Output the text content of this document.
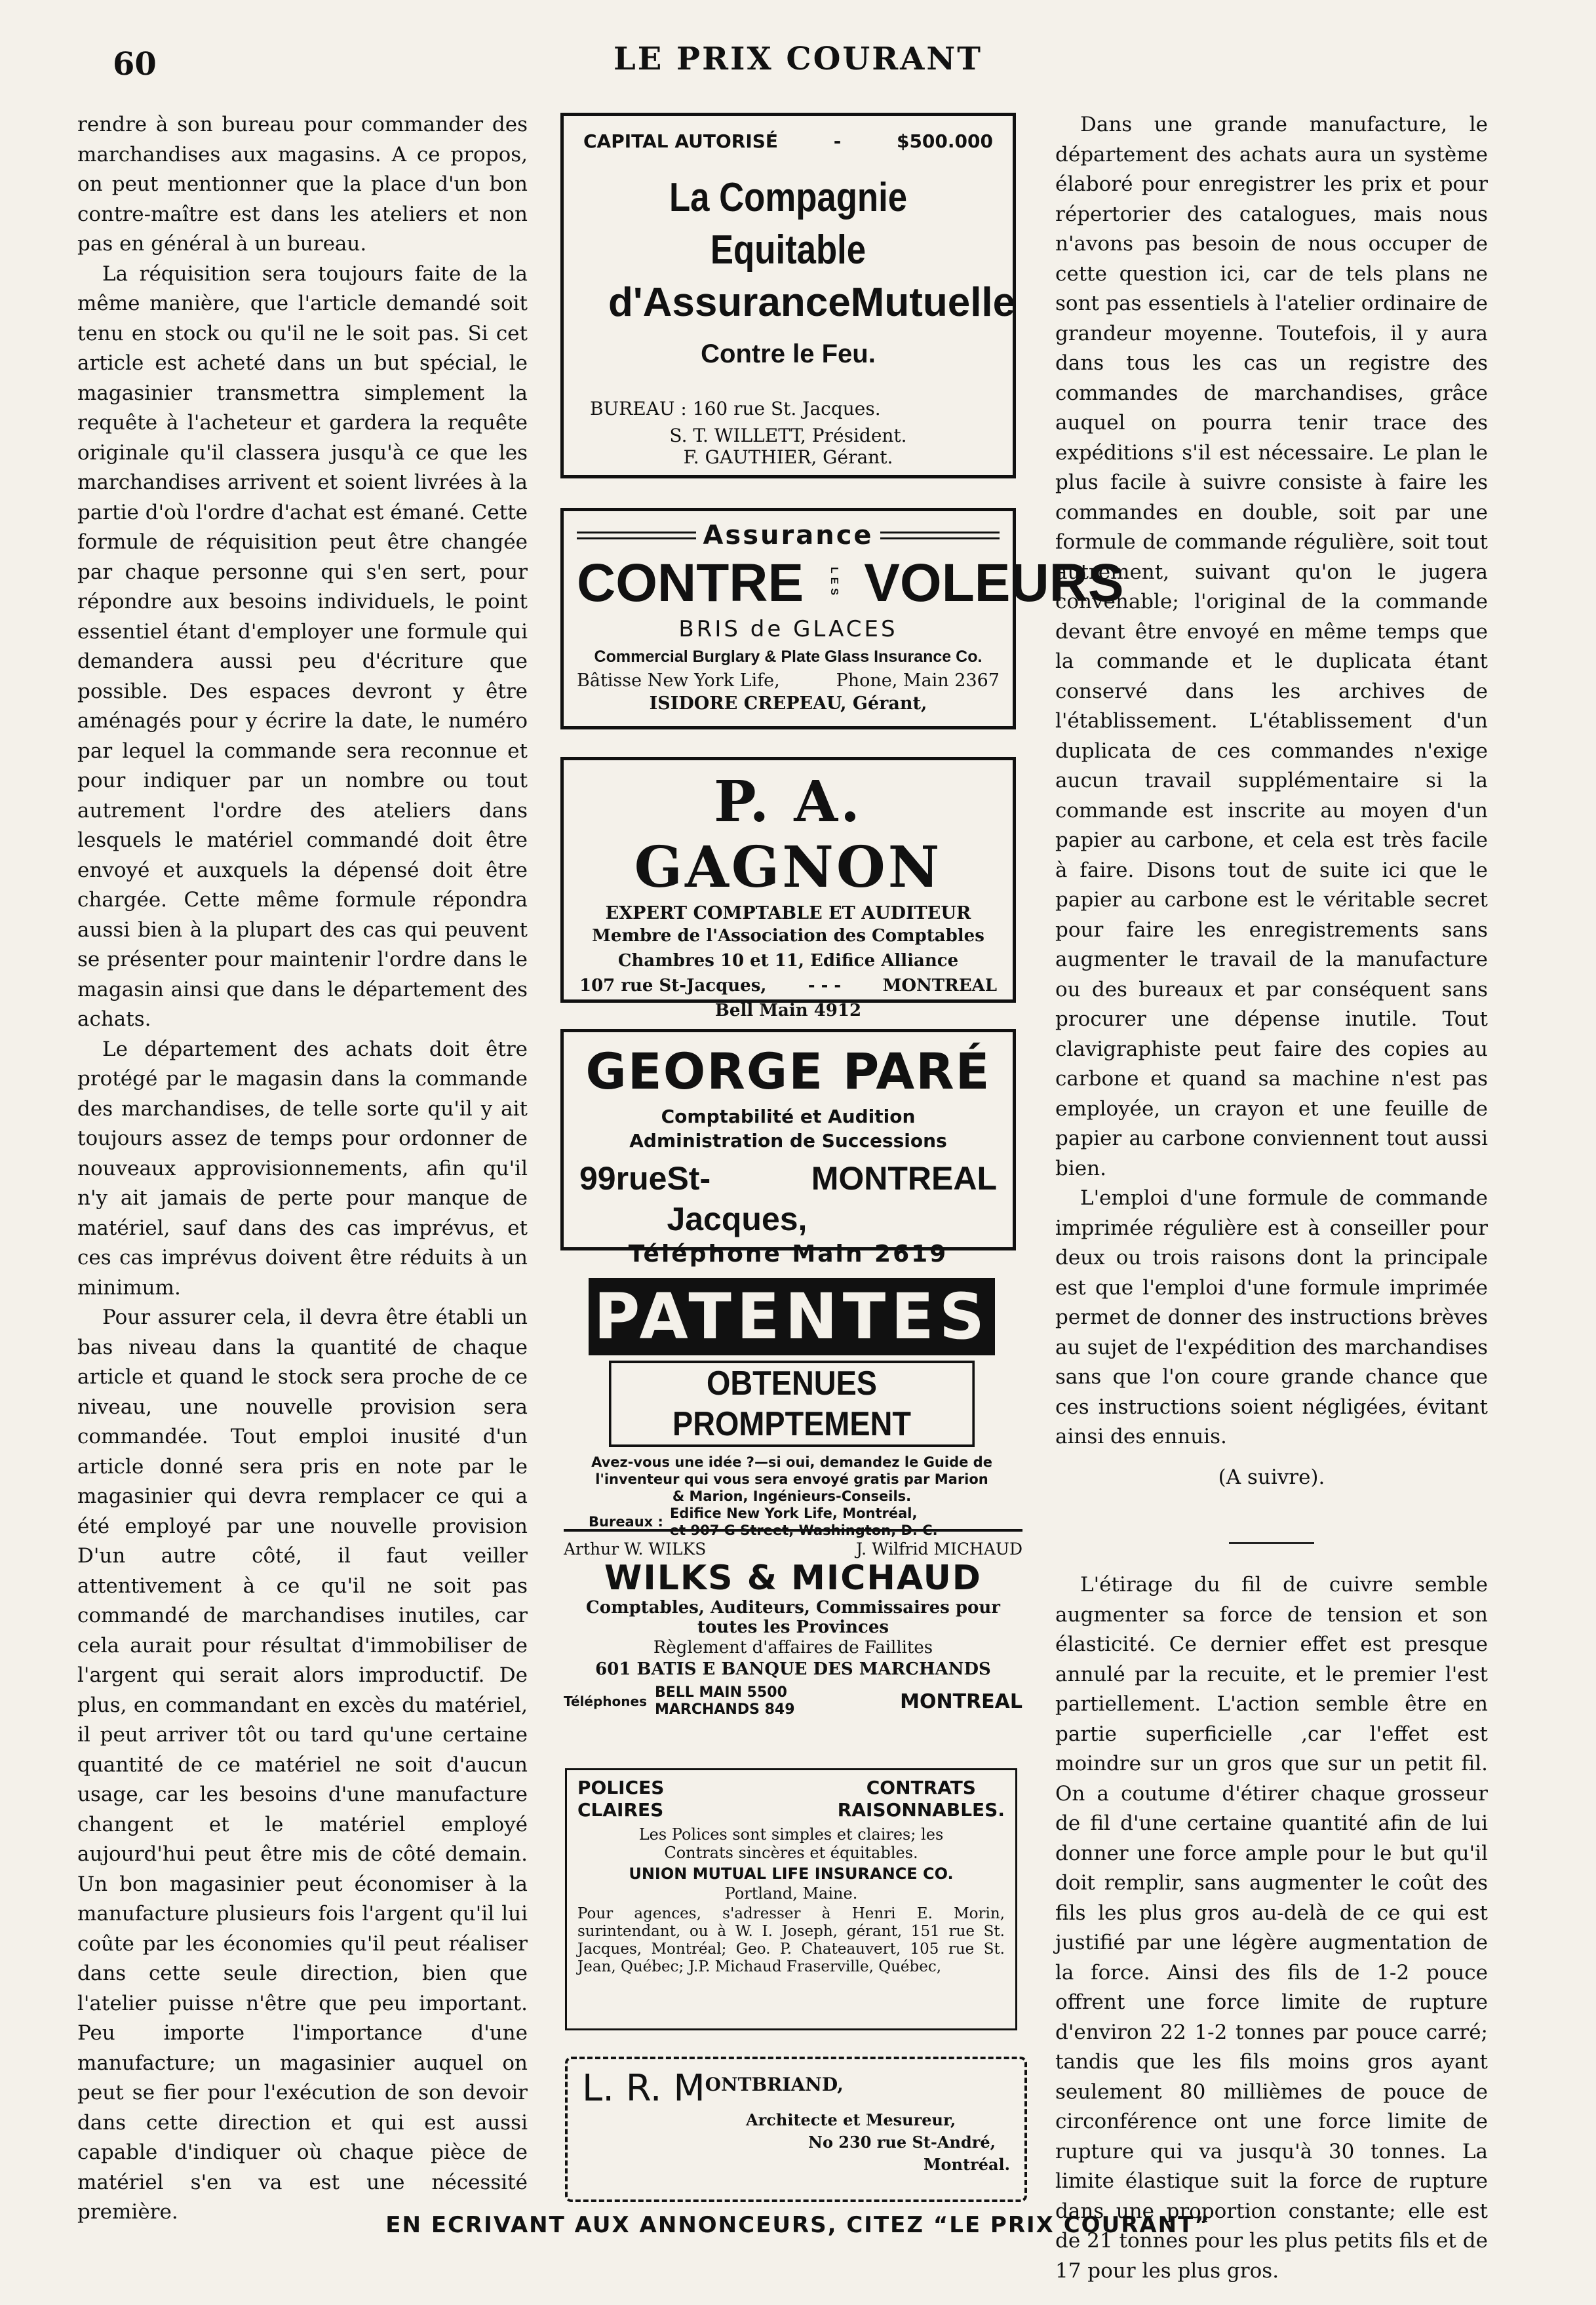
60	LE PRIX COURANT

rendre à son bureau pour commander des marchandises aux magasins. A ce propos, on peut mentionner que la place d'un bon contre-maître est dans les ateliers et non pas en général à un bureau.

La réquisition sera toujours faite de la même manière, que l'article demandé soit tenu en stock ou qu'il ne le soit pas. Si cet article est acheté dans un but spécial, le magasinier transmettra simplement la requête à l'acheteur et gardera la requête originale qu'il classera jusqu'à ce que les marchandises arrivent et soient livrées à la partie d'où l'ordre d'achat est émané. Cette formule de réquisition peut être changée par chaque personne qui s'en sert, pour répondre aux besoins individuels, le point essentiel étant d'employer une formule qui demandera aussi peu d'écriture que possible. Des espaces devront y être aménagés pour y écrire la date, le numéro par lequel la commande sera reconnue et pour indiquer par un nombre ou tout autrement l'ordre des ateliers dans lesquels le matériel commandé doit être envoyé et auxquels la dépensé doit être chargée. Cette même formule répondra aussi bien à la plupart des cas qui peuvent se présenter pour maintenir l'ordre dans le magasin ainsi que dans le département des achats.

Le département des achats doit être protégé par le magasin dans la commande des marchandises, de telle sorte qu'il y ait toujours assez de temps pour ordonner de nouveaux approvisionnements, afin qu'il n'y ait jamais de perte pour manque de matériel, sauf dans des cas imprévus, et ces cas imprévus doivent être réduits à un minimum.

Pour assurer cela, il devra être établi un bas niveau dans la quantité de chaque article et quand le stock sera proche de ce niveau, une nouvelle provision sera commandée. Tout emploi inusité d'un article donné sera pris en note par le magasinier qui devra remplacer ce qui a été employé par une nouvelle provision D'un autre côté, il faut veiller attentivement à ce qu'il ne soit pas commandé de marchandises inutiles, car cela aurait pour résultat d'immobiliser de l'argent qui serait alors improductif. De plus, en commandant en excès du matériel, il peut arriver tôt ou tard qu'une certaine quantité de ce matériel ne soit d'aucun usage, car les besoins d'une manufacture changent et le matériel employé aujourd'hui peut être mis de côté demain. Un bon magasinier peut économiser à la manufacture plusieurs fois l'argent qu'il lui coûte par les économies qu'il peut réaliser dans cette seule direction, bien que l'atelier puisse n'être que peu important. Peu importe l'importance d'une manufacture; un magasinier auquel on peut se fier pour l'exécution de son devoir dans cette direction et qui est aussi capable d'indiquer où chaque pièce de matériel s'en va est une nécessité première.

Dans une grande manufacture, le département des achats aura un système élaboré pour enregistrer les prix et pour répertorier des catalogues, mais nous n'avons pas besoin de nous occuper de cette question ici, car de tels plans ne sont pas essentiels à l'atelier ordinaire de grandeur moyenne. Toutefois, il y aura dans tous les cas un registre des commandes de marchandises, grâce auquel on pourra tenir trace des expéditions s'il est nécessaire. Le plan le plus facile à suivre consiste à faire les commandes en double, soit par une formule de commande régulière, soit tout autrement, suivant qu'on le jugera convenable; l'original de la commande devant être envoyé en même temps que la commande et le duplicata étant conservé dans les archives de l'établissement. L'établissement d'un duplicata de ces commandes n'exige aucun travail supplémentaire si la commande est inscrite au moyen d'un papier au carbone, et cela est très facile à faire. Disons tout de suite ici que le papier au carbone est le véritable secret pour faire les enregistrements sans augmenter le travail de la manufacture ou des bureaux et par conséquent sans procurer une dépense inutile. Tout clavigraphiste peut faire des copies au carbone et quand sa machine n'est pas employée, un crayon et une feuille de papier au carbone conviennent tout aussi bien.

L'emploi d'une formule de commande imprimée régulière est à conseiller pour deux ou trois raisons dont la principale est que l'emploi d'une formule imprimée permet de donner des instructions brèves au sujet de l'expédition des marchandises sans que l'on coure grande chance que ces instructions soient négligées, évitant ainsi des ennuis.

(A suivre).

L'étirage du fil de cuivre semble augmenter sa force de tension et son élasticité. Ce dernier effet est presque annulé par la recuite, et le premier l'est partiellement. L'action semble être en partie superficielle ,car l'effet est moindre sur un gros que sur un petit fil. On a coutume d'étirer chaque grosseur de fil d'une certaine quantité afin de lui donner une force ample pour le but qu'il doit remplir, sans augmenter le coût des fils les plus gros au-delà de ce qui est justifié par une légère augmentation de la force. Ainsi des fils de 1-2 pouce offrent une force limite de rupture d'environ 22 1-2 tonnes par pouce carré; tandis que les fils moins gros ayant seulement 80 millièmes de pouce de circonférence ont une force limite de rupture qui va jusqu'à 30 tonnes. La limite élastique suit la force de rupture dans une proportion constante; elle est de 21 tonnes pour les plus petits fils et de 17 pour les plus gros.

CAPITAL AUTORISÉ	-	$500.000
La Compagnie Equitable
d'Assurance Mutuelle
Contre le Feu.
BUREAU : 160 rue St. Jacques.
S. T. WILLETT, Président.
F. GAUTHIER, Gérant.
Assurance
CONTRE	LES VOLEURS
BRIS de GLACES
Commercial Burglary & Plate Glass Insurance Co.
Bâtisse New York Life,	Phone, Main 2367
ISIDORE CREPEAU, Gérant,
P. A. GAGNON
EXPERT COMPTABLE ET AUDITEUR
Membre de l'Association des Comptables
Chambres 10 et 11, Edifice Alliance
107 rue St-Jacques, - - - MONTREAL
Bell Main 4912
GEORGE PARÉ
Comptabilité et Audition
Administration de Successions
99 rue St-Jacques,
MONTREAL
Téléphone Main 2619
PATENTES
OBTENUES PROMPTEMENT
Avez-vous une idée ?—si oui, demandez le Guide de l'inventeur qui vous sera envoyé gratis par Marion & Marion, Ingénieurs-Conseils.
Bureaux :
Edifice New York Life, Montréal,
et 907 G Street, Washington, D. C.
Arthur W. WILKS	J. Wilfrid MICHAUD
WILKS & MICHAUD
Comptables, Auditeurs, Commissaires pour toutes les Provinces
Règlement d'affaires de Faillites
601 BATIS E BANQUE DES MARCHANDS
Téléphones
BELL MAIN 5500
MARCHANDS 849	MONTREAL
POLICES
CLAIRES
CONTRATS
RAISONNABLES.
Les Polices sont simples et claires; les Contrats sincères et équitables.
UNION MUTUAL LIFE INSURANCE CO.
Portland, Maine.
Pour agences, s'adresser à Henri E. Morin, surintendant, ou à W. I. Joseph, gérant, 151 rue St. Jacques, Montréal; Geo. P. Chateauvert, 105 rue St. Jean, Québec; J.P. Michaud Fraserville, Québec,
L. R. M ONTBRIAND,
Architecte et Mesureur,
No 230 rue St-André,
Montréal.
EN ECRIVANT AUX ANNONCEURS, CITEZ “LE PRIX COURANT”
